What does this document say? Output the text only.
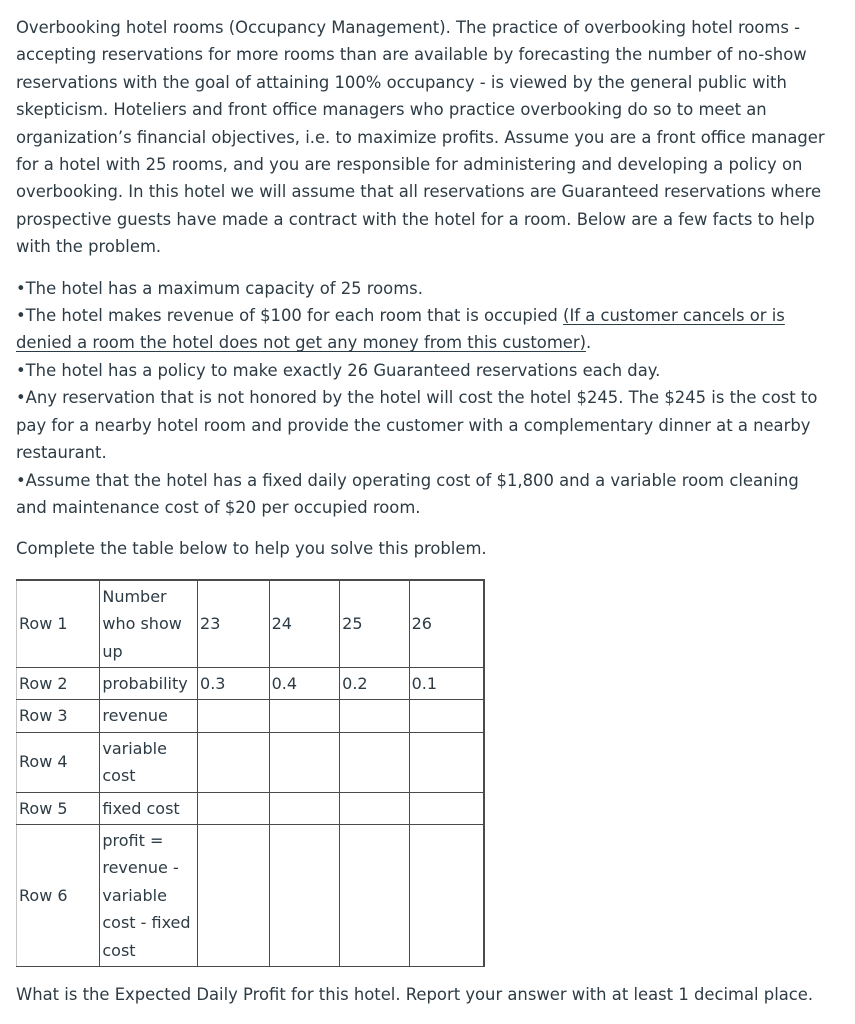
Overbooking hotel rooms (Occupancy Management). The practice of overbooking hotel rooms - accepting reservations for more rooms than are available by forecasting the number of no-show reservations with the goal of attaining 100% occupancy - is viewed by the general public with skepticism. Hoteliers and front office managers who practice overbooking do so to meet an organization’s financial objectives, i.e. to maximize profits. Assume you are a front office manager for a hotel with 25 rooms, and you are responsible for administering and developing a policy on overbooking. In this hotel we will assume that all reservations are Guaranteed reservations where prospective guests have made a contract with the hotel for a room. Below are a few facts to help with the problem.

•The hotel has a maximum capacity of 25 rooms.

•The hotel makes revenue of $100 for each room that is occupied (If a customer cancels or is denied a room the hotel does not get any money from this customer).

•The hotel has a policy to make exactly 26 Guaranteed reservations each day.

•Any reservation that is not honored by the hotel will cost the hotel $245. The $245 is the cost to pay for a nearby hotel room and provide the customer with a complementary dinner at a nearby restaurant.

•Assume that the hotel has a fixed daily operating cost of $1,800 and a variable room cleaning and maintenance cost of $20 per occupied room.

Complete the table below to help you solve this problem.

Row 1	Number who show up	23	24	25	26
Row 2	probability	0.3	0.4	0.2	0.1
Row 3	revenue				
Row 4	variable cost				
Row 5	fixed cost				
Row 6	profit = revenue - variable cost - fixed cost				

What is the Expected Daily Profit for this hotel. Report your answer with at least 1 decimal place.
